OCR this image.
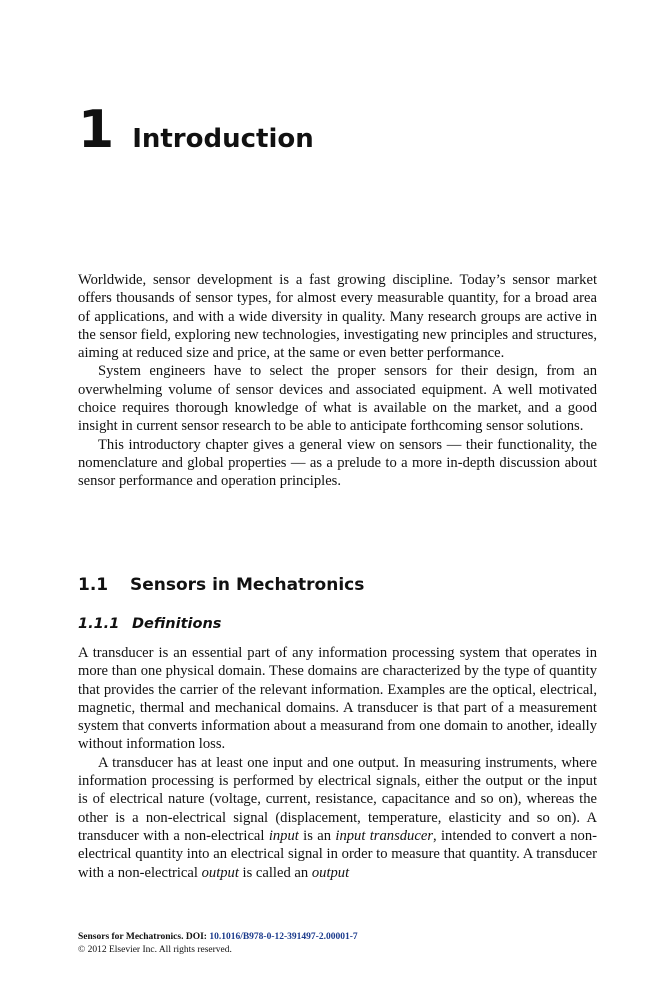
1 Introduction

Worldwide, sensor development is a fast growing discipline. Today’s sensor market offers thousands of sensor types, for almost every measurable quantity, for a broad area of applications, and with a wide diversity in quality. Many research groups are active in the sensor field, exploring new technologies, investigating new principles and structures, aiming at reduced size and price, at the same or even better performance.

System engineers have to select the proper sensors for their design, from an overwhelming volume of sensor devices and associated equipment. A well motivated choice requires thorough knowledge of what is available on the market, and a good insight in current sensor research to be able to anticipate forthcoming sensor solutions.

This introductory chapter gives a general view on sensors — their functionality, the nomenclature and global properties — as a prelude to a more in-depth discussion about sensor performance and operation principles.

1.1 Sensors in Mechatronics
1.1.1 Definitions

A transducer is an essential part of any information processing system that operates in more than one physical domain. These domains are characterized by the type of quantity that provides the carrier of the relevant information. Examples are the optical, electrical, magnetic, thermal and mechanical domains. A transducer is that part of a measurement system that converts information about a measurand from one domain to another, ideally without information loss.

A transducer has at least one input and one output. In measuring instruments, where information processing is performed by electrical signals, either the output or the input is of electrical nature (voltage, current, resistance, capacitance and so on), whereas the other is a non-electrical signal (displacement, temperature, elasticity and so on). A transducer with a non-electrical input is an input transducer, intended to convert a non-electrical quantity into an electrical signal in order to measure that quantity. A transducer with a non-electrical output is called an output

Sensors for Mechatronics. DOI: 10.1016/B978-0-12-391497-2.00001-7
© 2012 Elsevier Inc. All rights reserved.
